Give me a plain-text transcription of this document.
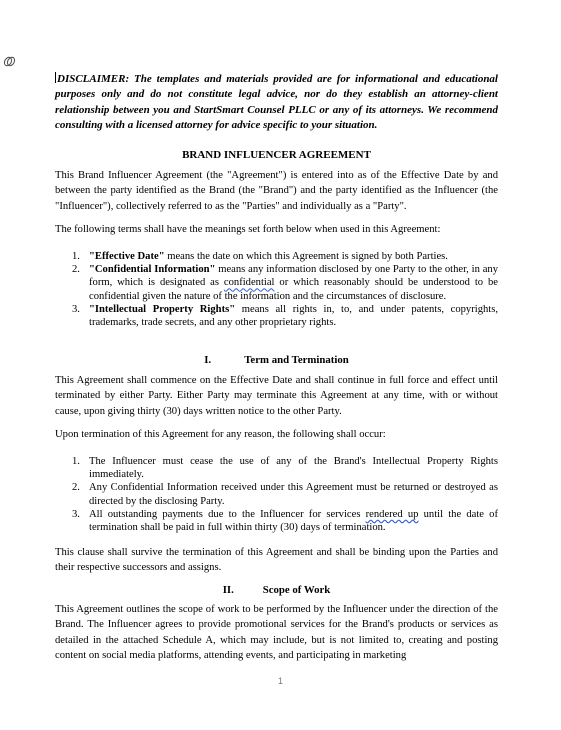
DISCLAIMER: The templates and materials provided are for informational and educational purposes only and do not constitute legal advice, nor do they establish an attorney-client relationship between you and StartSmart Counsel PLLC or any of its attorneys. We recommend consulting with a licensed attorney for advice specific to your situation.
BRAND INFLUENCER AGREEMENT
This Brand Influencer Agreement (the "Agreement") is entered into as of the Effective Date by and between the party identified as the Brand (the "Brand") and the party identified as the Influencer (the "Influencer"), collectively referred to as the "Parties" and individually as a "Party".
The following terms shall have the meanings set forth below when used in this Agreement:
1. "Effective Date" means the date on which this Agreement is signed by both Parties.
2. "Confidential Information" means any information disclosed by one Party to the other, in any form, which is designated as confidential or which reasonably should be understood to be confidential given the nature of the information and the circumstances of disclosure.
3. "Intellectual Property Rights" means all rights in, to, and under patents, copyrights, trademarks, trade secrets, and any other proprietary rights.
I.	Term and Termination
This Agreement shall commence on the Effective Date and shall continue in full force and effect until terminated by either Party. Either Party may terminate this Agreement at any time, with or without cause, upon giving thirty (30) days written notice to the other Party.
Upon termination of this Agreement for any reason, the following shall occur:
1. The Influencer must cease the use of any of the Brand's Intellectual Property Rights immediately.
2. Any Confidential Information received under this Agreement must be returned or destroyed as directed by the disclosing Party.
3. All outstanding payments due to the Influencer for services rendered up until the date of termination shall be paid in full within thirty (30) days of termination.
This clause shall survive the termination of this Agreement and shall be binding upon the Parties and their respective successors and assigns.
II.	Scope of Work
This Agreement outlines the scope of work to be performed by the Influencer under the direction of the Brand. The Influencer agrees to provide promotional services for the Brand's products or services as detailed in the attached Schedule A, which may include, but is not limited to, creating and posting content on social media platforms, attending events, and participating in marketing
1
